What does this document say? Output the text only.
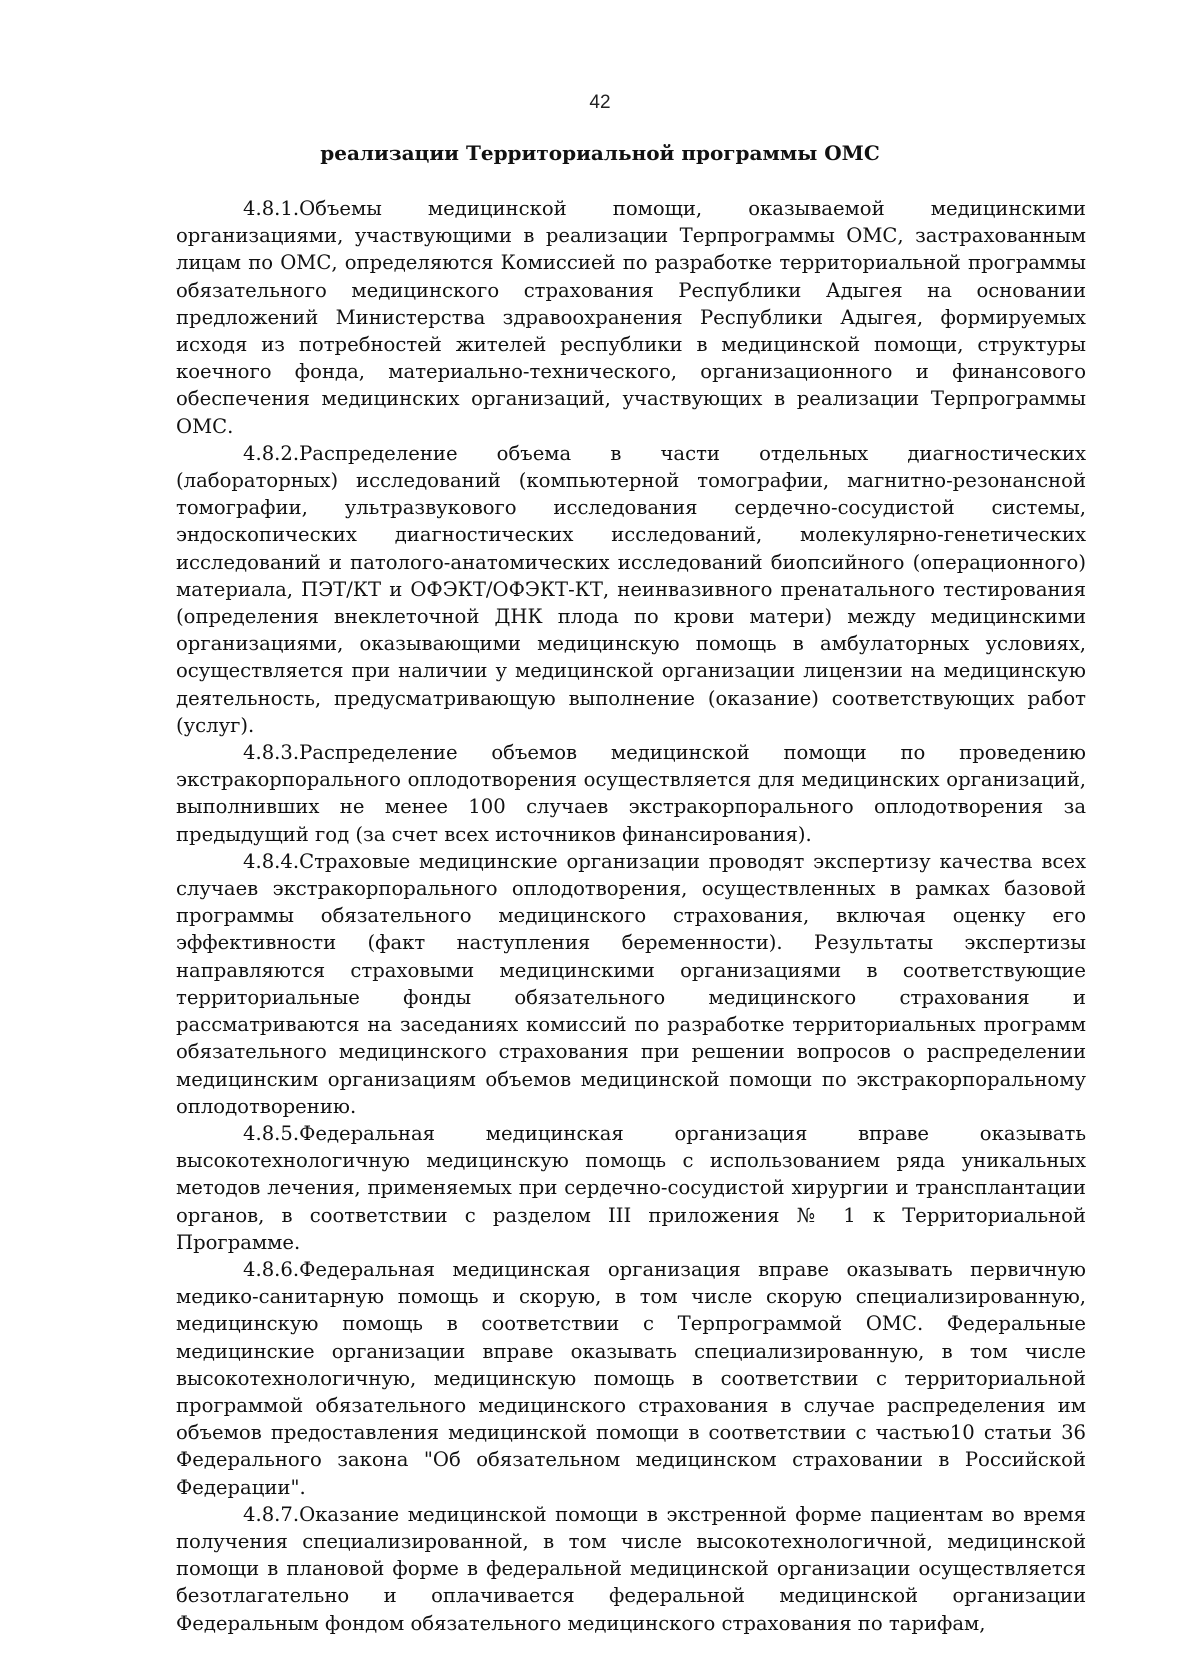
42
реализации Территориальной программы ОМС

4.8.1.Объемы медицинской помощи, оказываемой медицинскими организациями, участвующими в реализации Терпрограммы ОМС, застрахованным лицам по ОМС, определяются Комиссией по разработке территориальной программы обязательного медицинского страхования Республики Адыгея на основании предложений Министерства здравоохранения Республики Адыгея, формируемых исходя из потребностей жителей республики в медицинской помощи, структуры коечного фонда, материально-технического, организационного и финансового обеспечения медицинских организаций, участвующих в реализации Терпрограммы ОМС.

4.8.2.Распределение объема в части отдельных диагностических (лабораторных) исследований (компьютерной томографии, магнитно-резонансной томографии, ультразвукового исследования сердечно-сосудистой системы, эндоскопических диагностических исследований, молекулярно-генетических исследований и патолого-анатомических исследований биопсийного (операционного) материала, ПЭТ/КТ и ОФЭКТ/ОФЭКТ-КТ, неинвазивного пренатального тестирования (определения внеклеточной ДНК плода по крови матери) между медицинскими организациями, оказывающими медицинскую помощь в амбулаторных условиях, осуществляется при наличии у медицинской организации лицензии на медицинскую деятельность, предусматривающую выполнение (оказание) соответствующих работ (услуг).

4.8.3.Распределение объемов медицинской помощи по проведению экстракорпорального оплодотворения осуществляется для медицинских организаций, выполнивших не менее 100 случаев экстракорпорального оплодотворения за предыдущий год (за счет всех источников финансирования).

4.8.4.Страховые медицинские организации проводят экспертизу качества всех случаев экстракорпорального оплодотворения, осуществленных в рамках базовой программы обязательного медицинского страхования, включая оценку его эффективности (факт наступления беременности). Результаты экспертизы направляются страховыми медицинскими организациями в соответствующие территориальные фонды обязательного медицинского страхования и рассматриваются на заседаниях комиссий по разработке территориальных программ обязательного медицинского страхования при решении вопросов о распределении медицинским организациям объемов медицинской помощи по экстракорпоральному оплодотворению.

4.8.5.Федеральная медицинская организация вправе оказывать высокотехнологичную медицинскую помощь с использованием ряда уникальных методов лечения, применяемых при сердечно-сосудистой хирургии и трансплантации органов, в соответствии с разделом III приложения № 1 к Территориальной Программе.

4.8.6.Федеральная медицинская организация вправе оказывать первичную медико-санитарную помощь и скорую, в том числе скорую специализированную, медицинскую помощь в соответствии с Терпрограммой ОМС. Федеральные медицинские организации вправе оказывать специализированную, в том числе высокотехнологичную, медицинскую помощь в соответствии с территориальной программой обязательного медицинского страхования в случае распределения им объемов предоставления медицинской помощи в соответствии с частью10 статьи 36 Федерального закона "Об обязательном медицинском страховании в Российской Федерации".

4.8.7.Оказание медицинской помощи в экстренной форме пациентам во время получения специализированной, в том числе высокотехнологичной, медицинской помощи в плановой форме в федеральной медицинской организации осуществляется безотлагательно и оплачивается федеральной медицинской организации Федеральным фондом обязательного медицинского страхования по тарифам,
